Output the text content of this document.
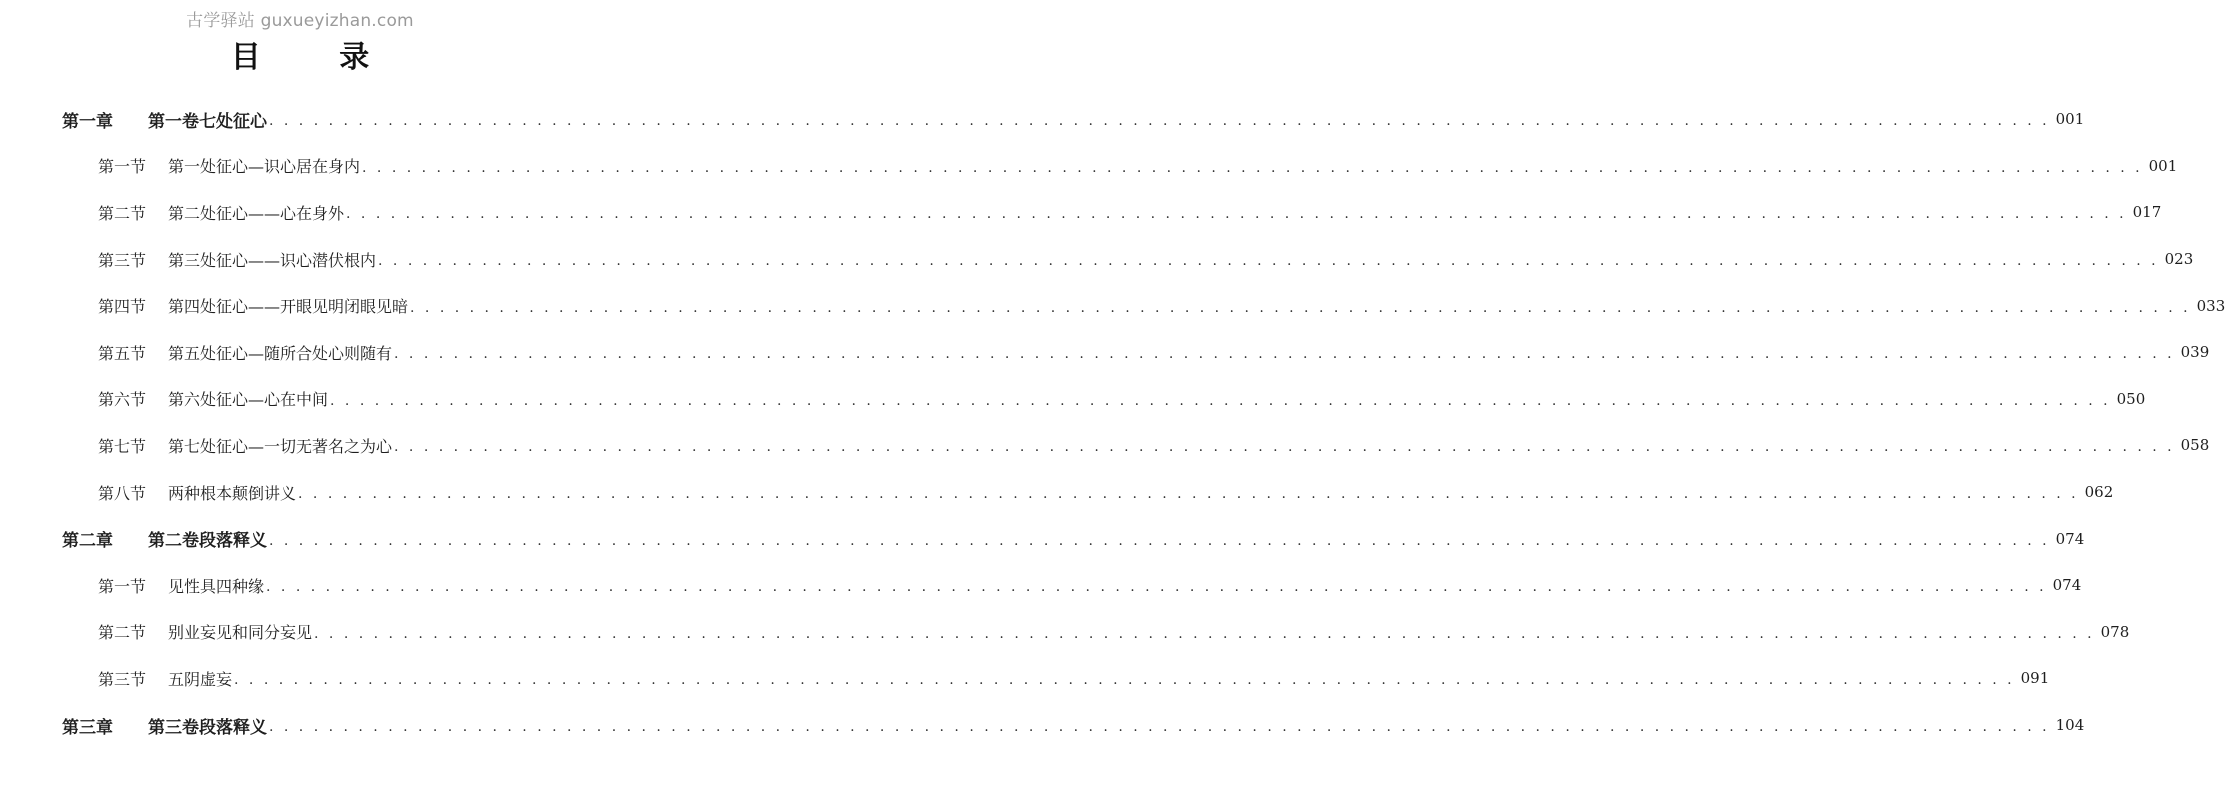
古学驿站 guxueyizhan.com
目 录
第一章 第一卷七处征心 . . . . . . . . . . . . . . . . . . . . . . . . . . . . . . . . . . . . . . . . . . . . . . . . . . . . . . . . . . . . . . . . . . . . . . . . . . . . . . . . . . . . . . . . . . . . . . . . . . . . . . . . . . . . . . . . . . . . . . . . 001
第一节 第一处征心—识心居在身内 . . . . . . . . . . . . . . . . . . . . . . . . . . . . . . . . . . . . . . . . . . . . . . . . . . . . . . . . . . . . . . . . . . . . . . . . . . . . . . . . . . . . . . . . . . . . . . . . . . . . . . . . . . . . . . . . . . . . . . . . 001
第二节 第二处征心——心在身外 . . . . . . . . . . . . . . . . . . . . . . . . . . . . . . . . . . . . . . . . . . . . . . . . . . . . . . . . . . . . . . . . . . . . . . . . . . . . . . . . . . . . . . . . . . . . . . . . . . . . . . . . . . . . . . . . . . . . . . . . 017
第三节 第三处征心——识心潜伏根内 . . . . . . . . . . . . . . . . . . . . . . . . . . . . . . . . . . . . . . . . . . . . . . . . . . . . . . . . . . . . . . . . . . . . . . . . . . . . . . . . . . . . . . . . . . . . . . . . . . . . . . . . . . . . . . . . . . . . . . . . 023
第四节 第四处征心——开眼见明闭眼见暗 . . . . . . . . . . . . . . . . . . . . . . . . . . . . . . . . . . . . . . . . . . . . . . . . . . . . . . . . . . . . . . . . . . . . . . . . . . . . . . . . . . . . . . . . . . . . . . . . . . . . . . . . . . . . . . . . . . . . . . . . 033
第五节 第五处征心—随所合处心则随有 . . . . . . . . . . . . . . . . . . . . . . . . . . . . . . . . . . . . . . . . . . . . . . . . . . . . . . . . . . . . . . . . . . . . . . . . . . . . . . . . . . . . . . . . . . . . . . . . . . . . . . . . . . . . . . . . . . . . . . . . 039
第六节 第六处征心—心在中间 . . . . . . . . . . . . . . . . . . . . . . . . . . . . . . . . . . . . . . . . . . . . . . . . . . . . . . . . . . . . . . . . . . . . . . . . . . . . . . . . . . . . . . . . . . . . . . . . . . . . . . . . . . . . . . . . . . . . . . . . 050
第七节 第七处征心—一切无著名之为心 . . . . . . . . . . . . . . . . . . . . . . . . . . . . . . . . . . . . . . . . . . . . . . . . . . . . . . . . . . . . . . . . . . . . . . . . . . . . . . . . . . . . . . . . . . . . . . . . . . . . . . . . . . . . . . . . . . . . . . . . 058
第八节 两种根本颠倒讲义 . . . . . . . . . . . . . . . . . . . . . . . . . . . . . . . . . . . . . . . . . . . . . . . . . . . . . . . . . . . . . . . . . . . . . . . . . . . . . . . . . . . . . . . . . . . . . . . . . . . . . . . . . . . . . . . . . . . . . . . . 062
第二章 第二卷段落释义 . . . . . . . . . . . . . . . . . . . . . . . . . . . . . . . . . . . . . . . . . . . . . . . . . . . . . . . . . . . . . . . . . . . . . . . . . . . . . . . . . . . . . . . . . . . . . . . . . . . . . . . . . . . . . . . . . . . . . . . . 074
第一节 见性具四种缘 . . . . . . . . . . . . . . . . . . . . . . . . . . . . . . . . . . . . . . . . . . . . . . . . . . . . . . . . . . . . . . . . . . . . . . . . . . . . . . . . . . . . . . . . . . . . . . . . . . . . . . . . . . . . . . . . . . . . . . . . 074
第二节 别业妄见和同分妄见 . . . . . . . . . . . . . . . . . . . . . . . . . . . . . . . . . . . . . . . . . . . . . . . . . . . . . . . . . . . . . . . . . . . . . . . . . . . . . . . . . . . . . . . . . . . . . . . . . . . . . . . . . . . . . . . . . . . . . . . . 078
第三节 五阴虚妄 . . . . . . . . . . . . . . . . . . . . . . . . . . . . . . . . . . . . . . . . . . . . . . . . . . . . . . . . . . . . . . . . . . . . . . . . . . . . . . . . . . . . . . . . . . . . . . . . . . . . . . . . . . . . . . . . . . . . . . . . 091
第三章 第三卷段落释义 . . . . . . . . . . . . . . . . . . . . . . . . . . . . . . . . . . . . . . . . . . . . . . . . . . . . . . . . . . . . . . . . . . . . . . . . . . . . . . . . . . . . . . . . . . . . . . . . . . . . . . . . . . . . . . . . . . . . . . . . 104
